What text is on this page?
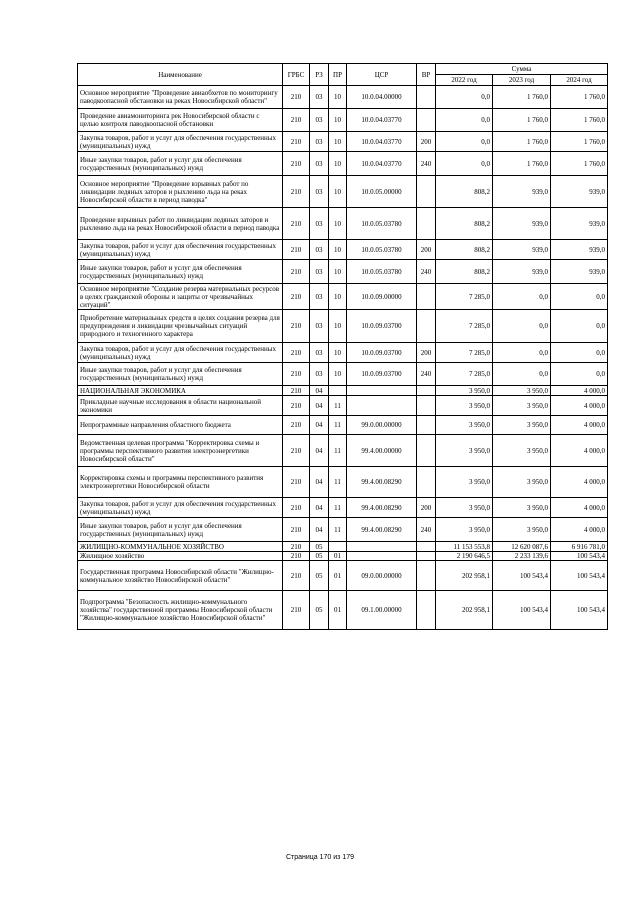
Наименование	ГРБС	РЗ	ПР	ЦСР	ВР	Сумма		
						2022 год	2023 год	2024 год
Основное мероприятие "Проведение авиаобхетов по мониторингу паводкоопасной обстановки на реках Новосибирской области"	210	03	10	10.0.04.00000		0,0	1 760,0	1 760,0
Проведение авиамониторинга рек Новосибирской области с целью контроля паводкоопасной обстановки	210	03	10	10.0.04.03770		0,0	1 760,0	1 760,0
Закупка товаров, работ и услуг для обеспечения государственных (муниципальных) нужд	210	03	10	10.0.04.03770	200	0,0	1 760,0	1 760,0
Иные закупки товаров, работ и услуг для обеспечения государственных (муниципальных) нужд	210	03	10	10.0.04.03770	240	0,0	1 760,0	1 760,0
Основное мероприятие "Проведение взрывных работ по ликвидации ледяных заторов и рыхлению льда на реках Новосибирской области в период паводка"	210	03	10	10.0.05.00000		808,2	939,0	939,0
Проведение взрывных работ по ликвидации ледяных заторов и рыхлению льда на реках Новосибирской области в период паводка	210	03	10	10.0.05.03780		808,2	939,0	939,0
Закупка товаров, работ и услуг для обеспечения государственных (муниципальных) нужд	210	03	10	10.0.05.03780	200	808,2	939,0	939,0
Иные закупки товаров, работ и услуг для обеспечения государственных (муниципальных) нужд	210	03	10	10.0.05.03780	240	808,2	939,0	939,0
Основное мероприятие "Создание резерва материальных ресурсов в целях гражданской обороны и защиты от чрезвычайных ситуаций"	210	03	10	10.0.09.00000		7 285,0	0,0	0,0
Приобретение материальных средств в целях создания резерва для предупреждения и ликвидации чрезвычайных ситуаций природного и техногенного характера	210	03	10	10.0.09.03700		7 285,0	0,0	0,0
Закупка товаров, работ и услуг для обеспечения государственных (муниципальных) нужд	210	03	10	10.0.09.03700	200	7 285,0	0,0	0,0
Иные закупки товаров, работ и услуг для обеспечения государственных (муниципальных) нужд	210	03	10	10.0.09.03700	240	7 285,0	0,0	0,0
НАЦИОНАЛЬНАЯ ЭКОНОМИКА	210	04				3 950,0	3 950,0	4 000,0
Прикладные научные исследования в области национальной экономики	210	04	11			3 950,0	3 950,0	4 000,0
Непрограммные направления областного бюджета	210	04	11	99.0.00.00000		3 950,0	3 950,0	4 000,0
Ведомственная целевая программа "Корректировка схемы и программы перспективного развития электроэнергетики Новосибирской области"	210	04	11	99.4.00.00000		3 950,0	3 950,0	4 000,0
Корректировка схемы и программы перспективного развития электроэнергетики Новосибирской области	210	04	11	99.4.00.08290		3 950,0	3 950,0	4 000,0
Закупка товаров, работ и услуг для обеспечения государственных (муниципальных) нужд	210	04	11	99.4.00.08290	200	3 950,0	3 950,0	4 000,0
Иные закупки товаров, работ и услуг для обеспечения государственных (муниципальных) нужд	210	04	11	99.4.00.08290	240	3 950,0	3 950,0	4 000,0
ЖИЛИЩНО-КОММУНАЛЬНОЕ ХОЗЯЙСТВО	210	05				11 153 553,8	12 620 087,6	6 916 781,0
Жилищное хозяйство	210	05	01			2 190 646,5	2 233 139,6	100 543,4
Государственная программа Новосибирской области "Жилищно-коммунальное хозяйство Новосибирской области"	210	05	01	09.0.00.00000		202 958,1	100 543,4	100 543,4
Подпрограмма "Безопасность жилищно-коммунального хозяйства" государственной программы Новосибирской области "Жилищно-коммунальное хозяйство Новосибирской области"	210	05	01	09.1.00.00000		202 958,1	100 543,4	100 543,4
Страница 170 из 179
